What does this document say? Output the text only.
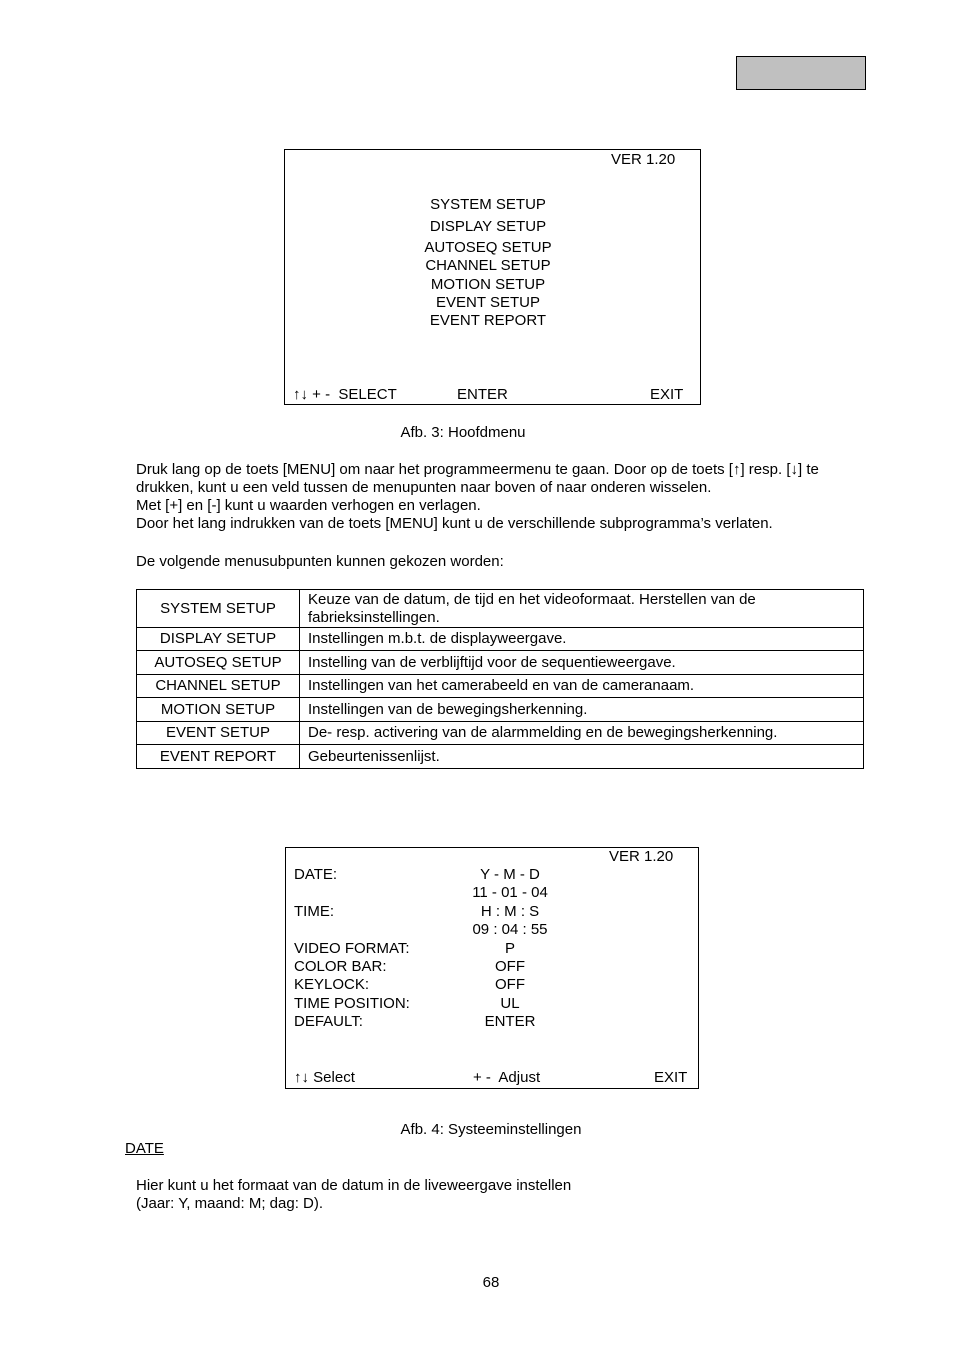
VER 1.20
SYSTEM SETUP
DISPLAY SETUP
AUTOSEQ SETUP
CHANNEL SETUP
MOTION SETUP
EVENT SETUP
EVENT REPORT
↑↓ + -  SELECT	ENTER	EXIT
Afb. 3: Hoofdmenu
Druk lang op de toets [MENU] om naar het programmeermenu te gaan. Door op de toets [↑] resp. [↓] te
drukken, kunt u een veld tussen de menupunten naar boven of naar onderen wisselen.
Met [+] en [-] kunt u waarden verhogen en verlagen.
Door het lang indrukken van de toets [MENU] kunt u de verschillende subprogramma’s verlaten.
De volgende menusubpunten kunnen gekozen worden:
SYSTEM SETUP	Keuze van de datum, de tijd en het videoformaat. Herstellen van de fabrieksinstellingen.
DISPLAY SETUP	Instellingen m.b.t. de displayweergave.
AUTOSEQ SETUP	Instelling van de verblijftijd voor de sequentieweergave.
CHANNEL SETUP	Instellingen van het camerabeeld en van de cameranaam.
MOTION SETUP	Instellingen van de bewegingsherkenning.
EVENT SETUP	De- resp. activering van de alarmmelding en de bewegingsherkenning.
EVENT REPORT	Gebeurtenissenlijst.
VER 1.20
DATE:	Y - M - D
11 - 01 - 04
TIME:	H : M : S
09 : 04 : 55
VIDEO FORMAT:	P
COLOR BAR:	OFF
KEYLOCK:	OFF
TIME POSITION:	UL
DEFAULT:	ENTER
↑↓ Select	+ -  Adjust	EXIT
Afb. 4: Systeeminstellingen
DATE
Hier kunt u het formaat van de datum in de liveweergave instellen
(Jaar: Y, maand: M; dag: D).
68
